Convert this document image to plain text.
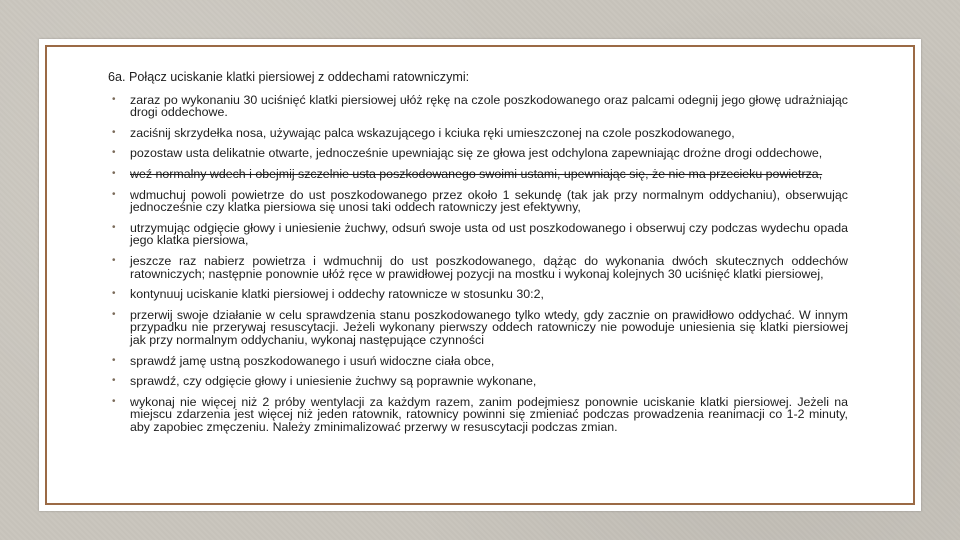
6a. Połącz uciskanie klatki piersiowej z oddechami ratowniczymi:
• zaraz po wykonaniu 30 uciśnięć klatki piersiowej ułóż rękę na czole poszkodowanego oraz palcami odegnij jego głowę udrażniając drogi oddechowe.
• zaciśnij skrzydełka nosa, używając palca wskazującego i kciuka ręki umieszczonej na czole poszkodowanego,
• pozostaw usta delikatnie otwarte, jednocześnie upewniając się ze głowa jest odchylona zapewniając drożne drogi oddechowe,
• weź normalny wdech i obejmij szczelnie usta poszkodowanego swoimi ustami, upewniając się, że nie ma przecieku powietrza,
• wdmuchuj powoli powietrze do ust poszkodowanego przez około 1 sekundę (tak jak przy normalnym oddychaniu), obserwując jednocześnie czy klatka piersiowa się unosi taki oddech ratowniczy jest efektywny,
• utrzymując odgięcie głowy i uniesienie żuchwy, odsuń swoje usta od ust poszkodowanego i obserwuj czy podczas wydechu opada jego klatka piersiowa,
• jeszcze raz nabierz powietrza i wdmuchnij do ust poszkodowanego, dążąc do wykonania dwóch skutecznych oddechów ratowniczych; następnie ponownie ułóż ręce w prawidłowej pozycji na mostku i wykonaj kolejnych 30 uciśnięć klatki piersiowej,
• kontynuuj uciskanie klatki piersiowej i oddechy ratownicze w stosunku 30:2,
• przerwij swoje działanie w celu sprawdzenia stanu poszkodowanego tylko wtedy, gdy zacznie on prawidłowo oddychać. W innym przypadku nie przerywaj resuscytacji. Jeżeli wykonany pierwszy oddech ratowniczy nie powoduje uniesienia się klatki piersiowej jak przy normalnym oddychaniu, wykonaj następujące czynności
• sprawdź jamę ustną poszkodowanego i usuń widoczne ciała obce,
• sprawdź, czy odgięcie głowy i uniesienie żuchwy są poprawnie wykonane,
• wykonaj nie więcej niż 2 próby wentylacji za każdym razem, zanim podejmiesz ponownie uciskanie klatki piersiowej. Jeżeli na miejscu zdarzenia jest więcej niż jeden ratownik, ratownicy powinni się zmieniać podczas prowadzenia reanimacji co 1-2 minuty, aby zapobiec zmęczeniu. Należy zminimalizować przerwy w resuscytacji podczas zmian.
